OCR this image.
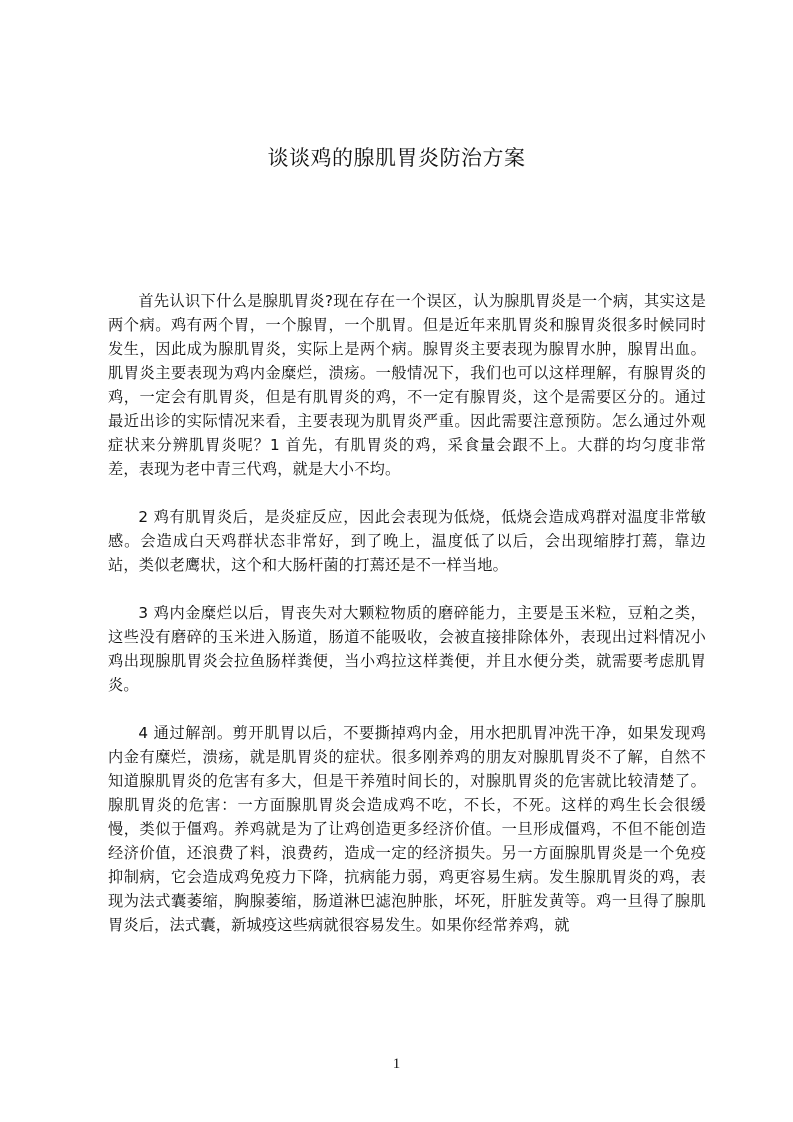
谈谈鸡的腺肌胃炎防治方案

首先认识下什么是腺肌胃炎?现在存在一个误区，认为腺肌胃炎是一个病，其实这是两个病。鸡有两个胃，一个腺胃，一个肌胃。但是近年来肌胃炎和腺胃炎很多时候同时发生，因此成为腺肌胃炎，实际上是两个病。腺胃炎主要表现为腺胃水肿，腺胃出血。肌胃炎主要表现为鸡内金糜烂，溃疡。一般情况下，我们也可以这样理解，有腺胃炎的鸡，一定会有肌胃炎，但是有肌胃炎的鸡，不一定有腺胃炎，这个是需要区分的。通过最近出诊的实际情况来看，主要表现为肌胃炎严重。因此需要注意预防。怎么通过外观症状来分辨肌胃炎呢？1 首先，有肌胃炎的鸡，采食量会跟不上。大群的均匀度非常差，表现为老中青三代鸡，就是大小不均。

2 鸡有肌胃炎后，是炎症反应，因此会表现为低烧，低烧会造成鸡群对温度非常敏感。会造成白天鸡群状态非常好，到了晚上，温度低了以后，会出现缩脖打蔫，靠边站，类似老鹰状，这个和大肠杆菌的打蔫还是不一样当地。

3 鸡内金糜烂以后，胃丧失对大颗粒物质的磨碎能力，主要是玉米粒，豆粕之类，这些没有磨碎的玉米进入肠道，肠道不能吸收，会被直接排除体外，表现出过料情况小鸡出现腺肌胃炎会拉鱼肠样粪便，当小鸡拉这样粪便，并且水便分类，就需要考虑肌胃炎。

4 通过解剖。剪开肌胃以后，不要撕掉鸡内金，用水把肌胃冲洗干净，如果发现鸡内金有糜烂，溃疡，就是肌胃炎的症状。很多刚养鸡的朋友对腺肌胃炎不了解，自然不知道腺肌胃炎的危害有多大，但是干养殖时间长的，对腺肌胃炎的危害就比较清楚了。腺肌胃炎的危害：一方面腺肌胃炎会造成鸡不吃，不长，不死。这样的鸡生长会很缓慢，类似于僵鸡。养鸡就是为了让鸡创造更多经济价值。一旦形成僵鸡，不但不能创造经济价值，还浪费了料，浪费药，造成一定的经济损失。另一方面腺肌胃炎是一个免疫抑制病，它会造成鸡免疫力下降，抗病能力弱，鸡更容易生病。发生腺肌胃炎的鸡，表现为法式囊萎缩，胸腺萎缩，肠道淋巴滤泡肿胀，坏死，肝脏发黄等。鸡一旦得了腺肌胃炎后，法式囊，新城疫这些病就很容易发生。如果你经常养鸡，就

1
